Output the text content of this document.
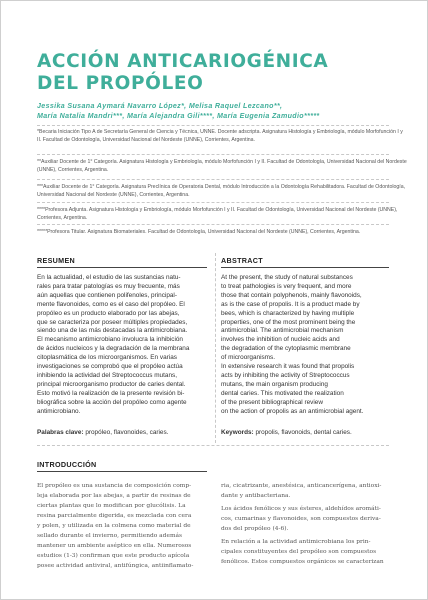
ACCIÓN ANTICARIOGÉNICA
DEL PROPÓLEO
Jessika Susana Aymará Navarro López*, Melisa Raquel Lezcano**,
María Natalia Mandri***, María Alejandra Gili****, María Eugenia Zamudio*****
*Becaria Iniciación Tipo A de Secretaría General de Ciencia y Técnica, UNNE. Docente adscripta. Asignatura Histología y Embriología, módulo Morfofunción I y II. Facultad de Odontología, Universidad Nacional del Nordeste (UNNE), Corrientes, Argentina.
**Auxiliar Docente de 1° Categoría. Asignatura Histología y Embriología, módulo Morfofunción I y II. Facultad de Odontología, Universidad Nacional del Nordeste (UNNE), Corrientes, Argentina.
***Auxiliar Docente de 1° Categoría. Asignatura Preclínica de Operatoria Dental, módulo Introducción a la Odontología Rehabilitadora. Facultad de Odontología, Universidad Nacional del Nordeste (UNNE), Corrientes, Argentina.
****Profesora Adjunta. Asignatura Histología y Embriología, módulo Morfofunción I y II. Facultad de Odontología, Universidad Nacional del Nordeste (UNNE), Corrientes, Argentina.
*****Profesora Titular. Asignatura Biomateriales. Facultad de Odontología, Universidad Nacional del Nordeste (UNNE), Corrientes, Argentina.
RESUMEN
En la actualidad, el estudio de las sustancias natu-
rales para tratar patologías es muy frecuente, más
aún aquellas que contienen polifenoles, principal-
mente flavonoides, como es el caso del propóleo. El
propóleo es un producto elaborado por las abejas,
que se caracteriza por poseer múltiples propiedades,
siendo una de las más destacadas la antimicrobiana.
El mecanismo antimicrobiano involucra la inhibición
de ácidos nucleicos y la degradación de la membrana
citoplasmática de los microorganismos. En varias
investigaciones se comprobó que el propóleo actúa
inhibiendo la actividad del Streptococcus mutans,
principal microorganismo productor de caries dental.
Esto motivó la realización de la presente revisión bi-
bliográfica sobre la acción del propóleo como agente
antimicrobiano.
Palabras clave: propóleo, flavonoides, caries.
ABSTRACT
At the present, the study of natural substances
to treat pathologies is very frequent, and more
those that contain polyphenols, mainly flavonoids,
as is the case of propolis. It is a product made by
bees, which is characterized by having multiple
properties, one of the most prominent being the
antimicrobial. The antimicrobial mechanism
involves the inhibition of nucleic acids and
the degradation of the cytoplasmic membrane
of microorganisms.
In extensive research it was found that propolis
acts by inhibiting the activity of Streptococcus
mutans, the main organism producing
dental caries. This motivated the realization
of the present bibliographical review
on the action of propolis as an antimicrobial agent.
Keywords: propolis, flavonoids, dental caries.
INTRODUCCIÓN

El propóleo es una sustancia de composición comp-
leja elaborada por las abejas, a partir de resinas de
ciertas plantas que lo modifican por glucólisis. La
resina parcialmente digerida, es mezclada con cera
y polen, y utilizada en la colmena como material de
sellado durante el invierno, permitiendo además
mantener un ambiente aséptico en ella. Numerosos
estudios (1-3) confirman que este producto apícola
posee actividad antiviral, antifúngica, antiinflamato-

ria, cicatrizante, anestésica, anticancerígena, antioxi-
dante y antibacteriana.

Los ácidos fenólicos y sus ésteres, aldehídos aromáti-
cos, cumarinas y flavonoides, son compuestos deriva-
dos del propóleo (4-6).

En relación a la actividad antimicrobiana los prin-
cipales constituyentes del propóleo son compuestos
fenólicos. Estos compuestos orgánicos se caracterizan
